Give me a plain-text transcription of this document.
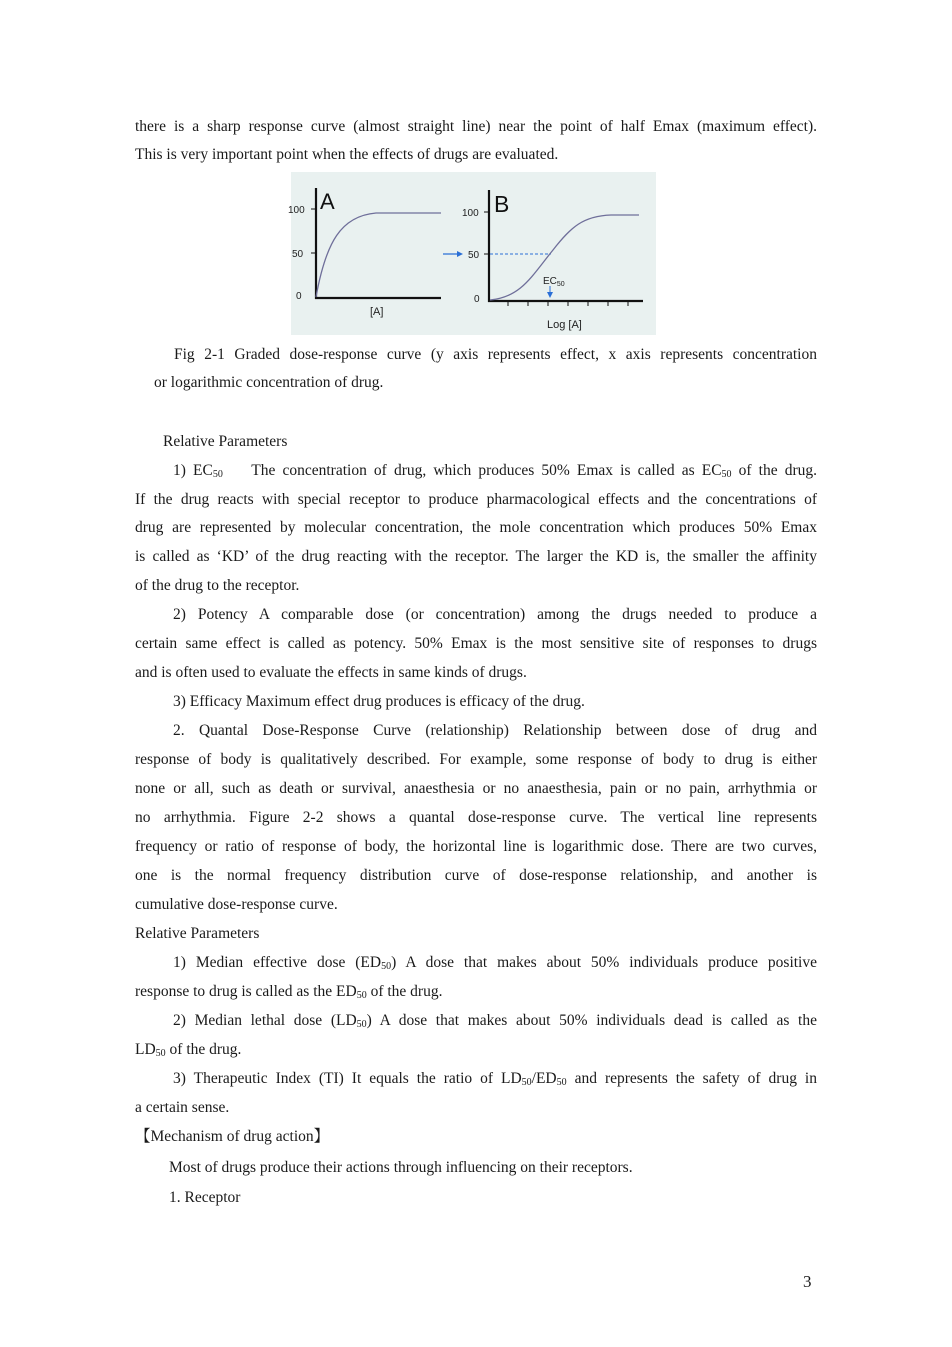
there is a sharp response curve (almost straight line) near the point of half Emax (maximum effect).
This is very important point when the effects of drugs are evaluated.
A
100
50
0
[A]
B
100
50
0
$EC_{50}$
Log [A]
Fig 2-1 Graded dose-response curve (y axis represents effect, x axis represents concentration
or logarithmic concentration of drug.
Relative Parameters
1) $EC_{50}$ The concentration of drug, which produces 50% Emax is called as $EC_{50}$ of the drug.
If the drug reacts with special receptor to produce pharmacological effects and the concentrations of
drug are represented by molecular concentration, the mole concentration which produces 50% Emax
is called as ‘KD’ of the drug reacting with the receptor. The larger the KD is, the smaller the affinity
of the drug to the receptor.
2) Potency A comparable dose (or concentration) among the drugs needed to produce a
certain same effect is called as potency. 50% Emax is the most sensitive site of responses to drugs
and is often used to evaluate the effects in same kinds of drugs.
3) Efficacy Maximum effect drug produces is efficacy of the drug.
2. Quantal Dose-Response Curve (relationship) Relationship between dose of drug and
response of body is qualitatively described. For example, some response of body to drug is either
none or all, such as death or survival, anaesthesia or no anaesthesia, pain or no pain, arrhythmia or
no arrhythmia. Figure 2-2 shows a quantal dose-response curve. The vertical line represents
frequency or ratio of response of body, the horizontal line is logarithmic dose. There are two curves,
one is the normal frequency distribution curve of dose-response relationship, and another is
cumulative dose-response curve.
Relative Parameters
1) Median effective dose $(ED_{50})$ A dose that makes about 50% individuals produce positive
response to drug is called as the $ED_{50}$ of the drug.
2) Median lethal dose $(LD_{50})$ A dose that makes about 50% individuals dead is called as the
$LD_{50}$ of the drug.
3) Therapeutic Index (TI) It equals the ratio of $LD_{50}/ED_{50}$ and represents the safety of drug in
a certain sense.
【Mechanism of drug action】
Most of drugs produce their actions through influencing on their receptors.
1. Receptor
3
